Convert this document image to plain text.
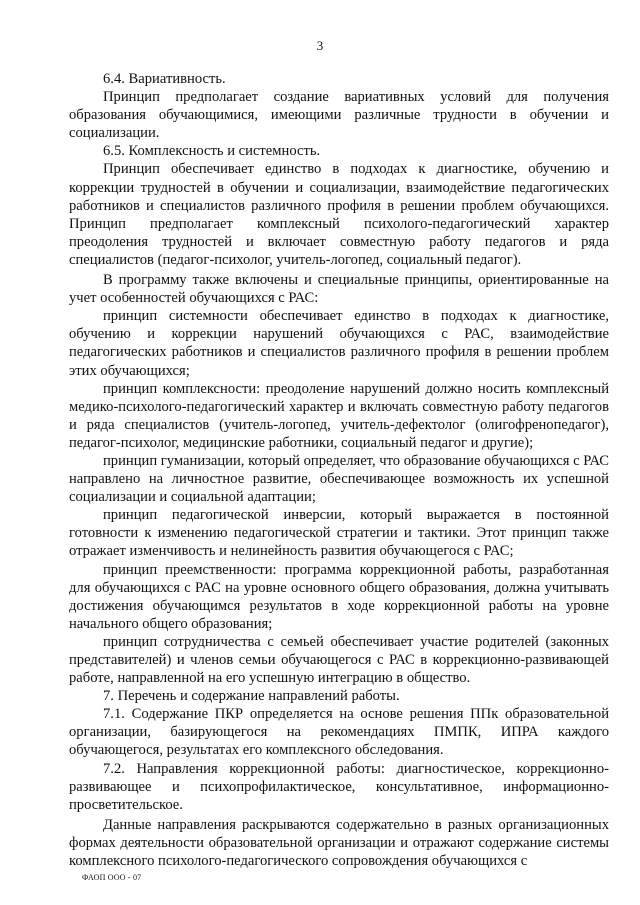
3

6.4. Вариативность.

Принцип предполагает создание вариативных условий для получения образования обучающимися, имеющими различные трудности в обучении и социализации.

6.5. Комплексность и системность.

Принцип обеспечивает единство в подходах к диагностике, обучению и коррекции трудностей в обучении и социализации, взаимодействие педагогических работников и специалистов различного профиля в решении проблем обучающихся. Принцип предполагает комплексный психолого-педагогический характер преодоления трудностей и включает совместную работу педагогов и ряда специалистов (педагог-психолог, учитель-логопед, социальный педагог).

В программу также включены и специальные принципы, ориентированные на учет особенностей обучающихся с РАС:

принцип системности обеспечивает единство в подходах к диагностике, обучению и коррекции нарушений обучающихся с РАС, взаимодействие педагогических работников и специалистов различного профиля в решении проблем этих обучающихся;

принцип комплексности: преодоление нарушений должно носить комплексный медико-психолого-педагогический характер и включать совместную работу педагогов и ряда специалистов (учитель-логопед, учитель-дефектолог (олигофренопедагог), педагог-психолог, медицинские работники, социальный педагог и другие);

принцип гуманизации, который определяет, что образование обучающихся с РАС направлено на личностное развитие, обеспечивающее возможность их успешной социализации и социальной адаптации;

принцип педагогической инверсии, который выражается в постоянной готовности к изменению педагогической стратегии и тактики. Этот принцип также отражает изменчивость и нелинейность развития обучающегося с РАС;

принцип преемственности: программа коррекционной работы, разработанная для обучающихся с РАС на уровне основного общего образования, должна учитывать достижения обучающимся результатов в ходе коррекционной работы на уровне начального общего образования;

принцип сотрудничества с семьей обеспечивает участие родителей (законных представителей) и членов семьи обучающегося с РАС в коррекционно-развивающей работе, направленной на его успешную интеграцию в общество.

7. Перечень и содержание направлений работы.

7.1. Содержание ПКР определяется на основе решения ППк образовательной организации, базирующегося на рекомендациях ПМПК, ИПРА каждого обучающегося, результатах его комплексного обследования.

7.2. Направления коррекционной работы: диагностическое, коррекционно-развивающее и психопрофилактическое, консультативное, информационно-просветительское.

Данные направления раскрываются содержательно в разных организационных формах деятельности образовательной организации и отражают содержание системы комплексного психолого-педагогического сопровождения обучающихся с

ФАОП ООО - 07
